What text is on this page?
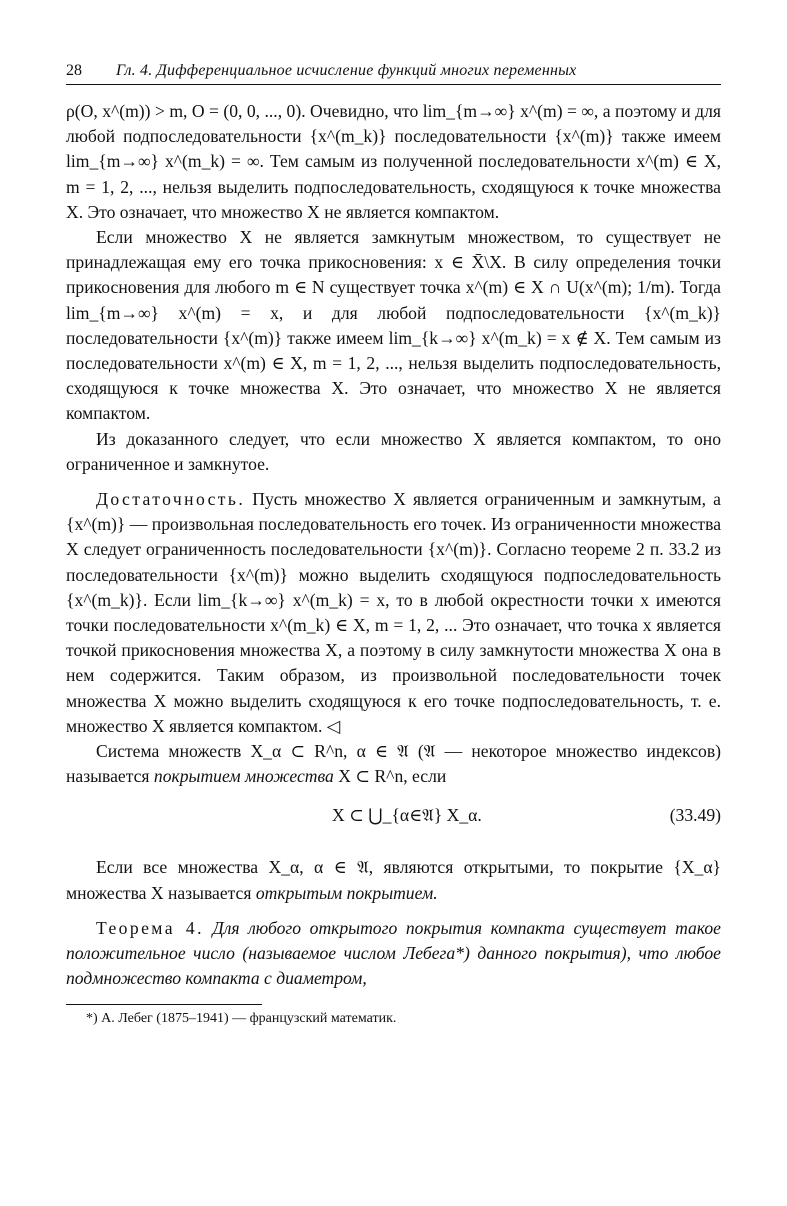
28	Гл. 4. Дифференциальное исчисление функций многих переменных

ρ(O, x^(m)) > m, O = (0, 0, ..., 0). Очевидно, что lim_{m→∞} x^(m) = ∞, а поэтому и для любой подпоследовательности {x^(m_k)} последовательности {x^(m)} также имеем lim_{m→∞} x^(m_k) = ∞. Тем самым из полученной последовательности x^(m) ∈ X, m = 1, 2, ..., нельзя выделить подпоследовательность, сходящуюся к точке множества X. Это означает, что множество X не является компактом.

Если множество X не является замкнутым множеством, то существует не принадлежащая ему его точка прикосновения: x ∈ X̄\X. В силу определения точки прикосновения для любого m ∈ N существует точка x^(m) ∈ X ∩ U(x^(m); 1/m). Тогда lim_{m→∞} x^(m) = x, и для любой подпоследовательности {x^(m_k)} последовательности {x^(m)} также имеем lim_{k→∞} x^(m_k) = x ∉ X. Тем самым из последовательности x^(m) ∈ X, m = 1, 2, ..., нельзя выделить подпоследовательность, сходящуюся к точке множества X. Это означает, что множество X не является компактом.

Из доказанного следует, что если множество X является компактом, то оно ограниченное и замкнутое.

Достаточность. Пусть множество X является ограниченным и замкнутым, а {x^(m)} — произвольная последовательность его точек. Из ограниченности множества X следует ограниченность последовательности {x^(m)}. Согласно теореме 2 п. 33.2 из последовательности {x^(m)} можно выделить сходящуюся подпоследовательность {x^(m_k)}. Если lim_{k→∞} x^(m_k) = x, то в любой окрестности точки x имеются точки последовательности x^(m_k) ∈ X, m = 1, 2, ... Это означает, что точка x является точкой прикосновения множества X, а поэтому в силу замкнутости множества X она в нем содержится. Таким образом, из произвольной последовательности точек множества X можно выделить сходящуюся к его точке подпоследовательность, т. е. множество X является компактом. ◁

Система множеств X_α ⊂ R^n, α ∈ 𝔄 (𝔄 — некоторое множество индексов) называется покрытием множества X ⊂ R^n, если

X ⊂ ⋃_{α∈𝔄} X_α.	(33.49)

Если все множества X_α, α ∈ 𝔄, являются открытыми, то покрытие {X_α} множества X называется открытым покрытием.

Теорема 4. Для любого открытого покрытия компакта существует такое положительное число (называемое числом Лебега*) данного покрытия), что любое подмножество компакта с диаметром,

*) А. Лебег (1875–1941) — французский математик.
